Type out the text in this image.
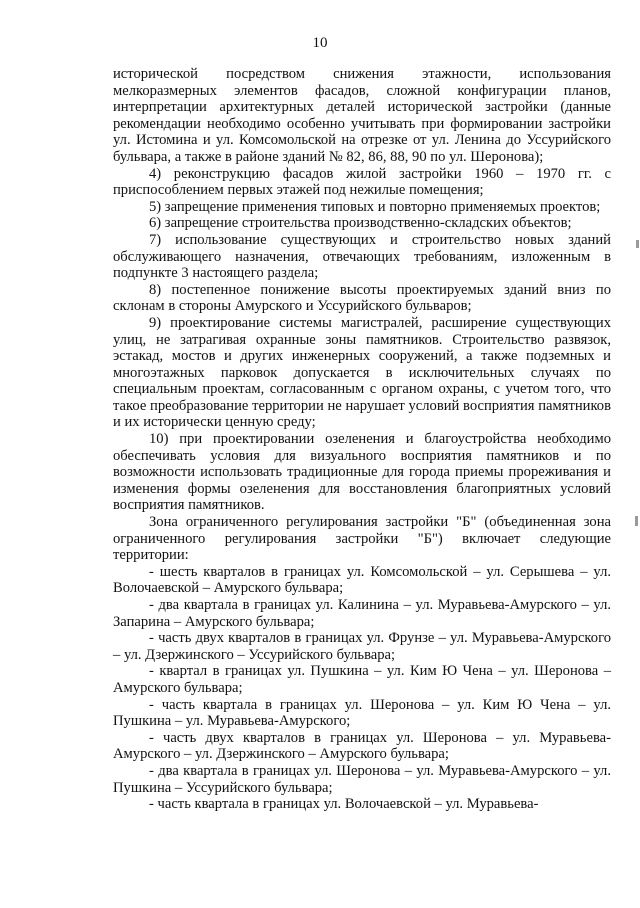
10

исторической посредством снижения этажности, использования мелкоразмерных элементов фасадов, сложной конфигурации планов, интерпретации архитектурных деталей исторической застройки (данные рекомендации необходимо особенно учитывать при формировании застройки ул. Истомина и ул. Комсомольской на отрезке от ул. Ленина до Уссурийского бульвара, а также в районе зданий № 82, 86, 88, 90 по ул. Шеронова);

4) реконструкцию фасадов жилой застройки 1960 – 1970 гг. с приспособлением первых этажей под нежилые помещения;

5) запрещение применения типовых и повторно применяемых проектов;

6) запрещение строительства производственно-складских объектов;

7) использование существующих и строительство новых зданий обслуживающего назначения, отвечающих требованиям, изложенным в подпункте 3 настоящего раздела;

8) постепенное понижение высоты проектируемых зданий вниз по склонам в стороны Амурского и Уссурийского бульваров;

9) проектирование системы магистралей, расширение существующих улиц, не затрагивая охранные зоны памятников. Строительство развязок, эстакад, мостов и других инженерных сооружений, а также подземных и многоэтажных парковок допускается в исключительных случаях по специальным проектам, согласованным с органом охраны, с учетом того, что такое преобразование территории не нарушает условий восприятия памятников и их исторически ценную среду;

10) при проектировании озеленения и благоустройства необходимо обеспечивать условия для визуального восприятия памятников и по возможности использовать традиционные для города приемы прореживания и изменения формы озеленения для восстановления благоприятных условий восприятия памятников.

Зона ограниченного регулирования застройки "Б" (объединенная зона ограниченного регулирования застройки "Б") включает следующие территории:

- шесть кварталов в границах ул. Комсомольской – ул. Серышева – ул. Волочаевской – Амурского бульвара;

- два квартала в границах ул. Калинина – ул. Муравьева-Амурского – ул. Запарина – Амурского бульвара;

- часть двух кварталов в границах ул. Фрунзе – ул. Муравьева-Амурского – ул. Дзержинского – Уссурийского бульвара;

- квартал в границах ул. Пушкина – ул. Ким Ю Чена – ул. Шеронова – Амурского бульвара;

- часть квартала в границах ул. Шеронова – ул. Ким Ю Чена – ул. Пушкина – ул. Муравьева-Амурского;

- часть двух кварталов в границах ул. Шеронова – ул. Муравьева-Амурского – ул. Дзержинского – Амурского бульвара;

- два квартала в границах ул. Шеронова – ул. Муравьева-Амурского – ул. Пушкина – Уссурийского бульвара;

- часть квартала в границах ул. Волочаевской – ул. Муравьева-
